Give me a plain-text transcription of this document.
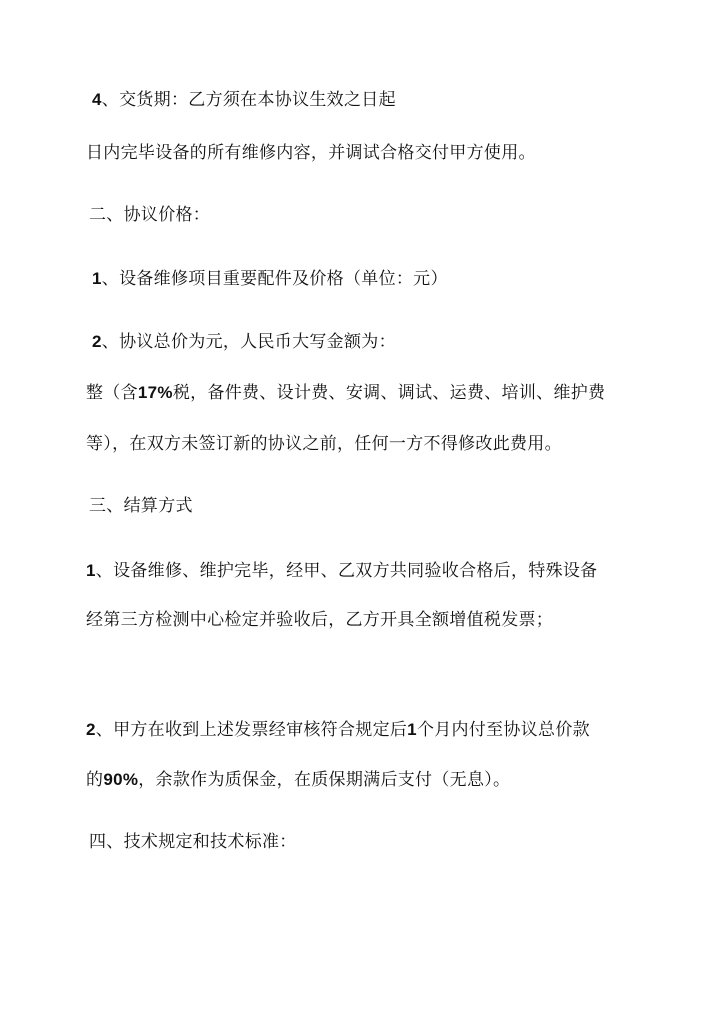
4、交货期：乙方须在本协议生效之日起
日内完毕设备的所有维修内容，并调试合格交付甲方使用。
二、协议价格：
1、设备维修项目重要配件及价格（单位：元）
2、协议总价为元，人民币大写金额为：
整（含17%税，备件费、设计费、安调、调试、运费、培训、维护费
等），在双方未签订新的协议之前，任何一方不得修改此费用。
三、结算方式
1、设备维修、维护完毕，经甲、乙双方共同验收合格后，特殊设备
经第三方检测中心检定并验收后，乙方开具全额增值税发票；
2、甲方在收到上述发票经审核符合规定后1个月内付至协议总价款
的90%，余款作为质保金，在质保期满后支付（无息）。
四、技术规定和技术标准：
